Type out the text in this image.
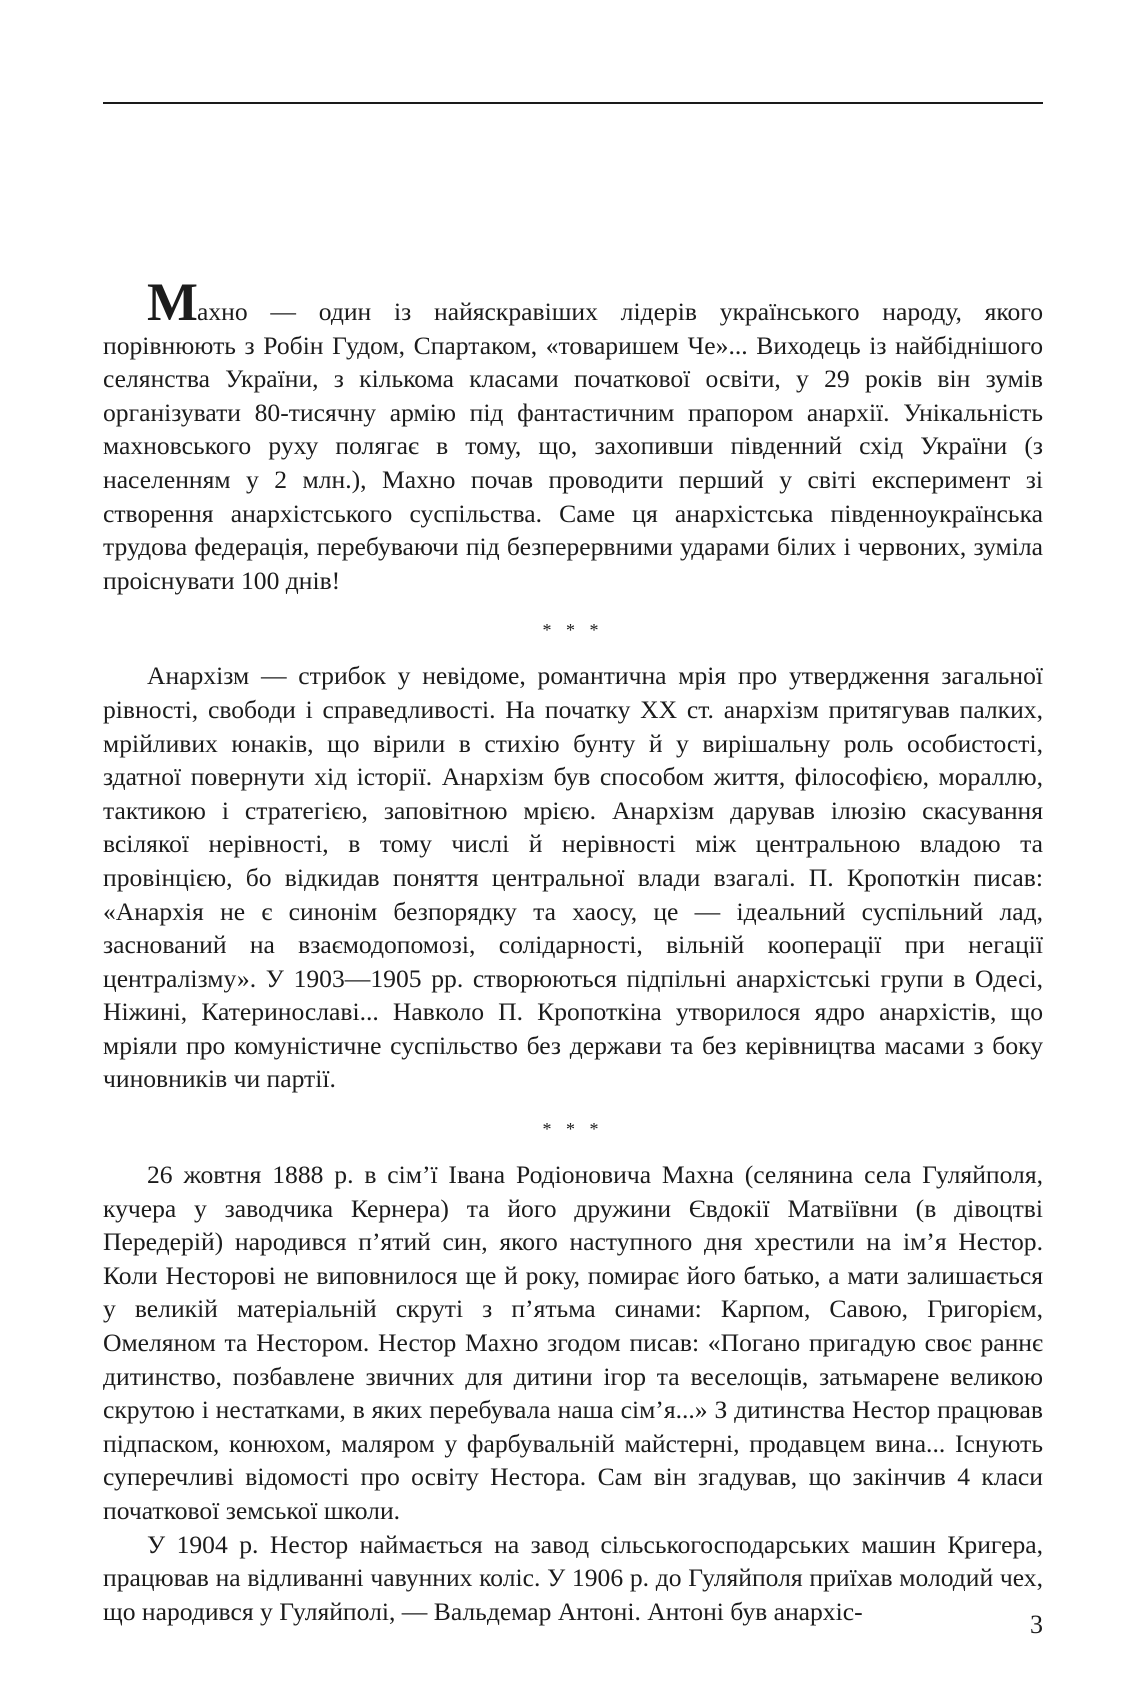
Махно — один із найяскравіших лідерів українського народу, якого порівнюють з Робін Гудом, Спартаком, «товаришем Че»... Виходець із найбіднішого селянства України, з кількома класами початкової освіти, у 29 років він зумів організувати 80-тисячну армію під фантастичним прапором анархії. Унікальність махновського руху полягає в тому, що, захопивши південний схід України (з населенням у 2 млн.), Махно почав проводити перший у світі експеримент зі створення анархістського суспільства. Саме ця анархістська південноукраїнська трудова федерація, перебуваючи під безперервними ударами білих і червоних, зуміла проіснувати 100 днів!

* * *

Анархізм — стрибок у невідоме, романтична мрія про утвердження загальної рівності, свободи і справедливості. На початку ХХ ст. анархізм притягував палких, мрійливих юнаків, що вірили в стихію бунту й у вирішальну роль особистості, здатної повернути хід історії. Анархізм був способом життя, філософією, мораллю, тактикою і стратегією, заповітною мрією. Анархізм дарував ілюзію скасування всілякої нерівності, в тому числі й нерівності між центральною владою та провінцією, бо відкидав поняття центральної влади взагалі. П. Кропоткін писав: «Анархія не є синонім безпорядку та хаосу, це — ідеальний суспільний лад, заснований на взаємодопомозі, солідарності, вільній кооперації при негації централізму». У 1903—1905 рр. створюються підпільні анархістські групи в Одесі, Ніжині, Катеринославі... Навколо П. Кропоткіна утворилося ядро анархістів, що мріяли про комуністичне суспільство без держави та без керівництва масами з боку чиновників чи партії.

* * *

26 жовтня 1888 р. в сім’ї Івана Родіоновича Махна (селянина села Гуляйполя, кучера у заводчика Кернера) та його дружини Євдокії Матвіївни (в дівоцтві Передерій) народився п’ятий син, якого наступного дня хрестили на ім’я Нестор. Коли Несторові не виповнилося ще й року, помирає його батько, а мати залишається у великій матеріальній скруті з п’ятьма синами: Карпом, Савою, Григорієм, Омеляном та Нестором. Нестор Махно згодом писав: «Погано пригадую своє раннє дитинство, позбавлене звичних для дитини ігор та веселощів, затьмарене великою скрутою і нестатками, в яких перебувала наша сім’я...» З дитинства Нестор працював підпаском, конюхом, маляром у фарбувальній майстерні, продавцем вина... Існують суперечливі відомості про освіту Нестора. Сам він згадував, що закінчив 4 класи початкової земської школи.

У 1904 р. Нестор наймається на завод сільськогосподарських машин Кригера, працював на відливанні чавунних коліс. У 1906 р. до Гуляйполя приїхав молодий чех, що народився у Гуляйполі, — Вальдемар Антоні. Антоні був анархіс-	3
